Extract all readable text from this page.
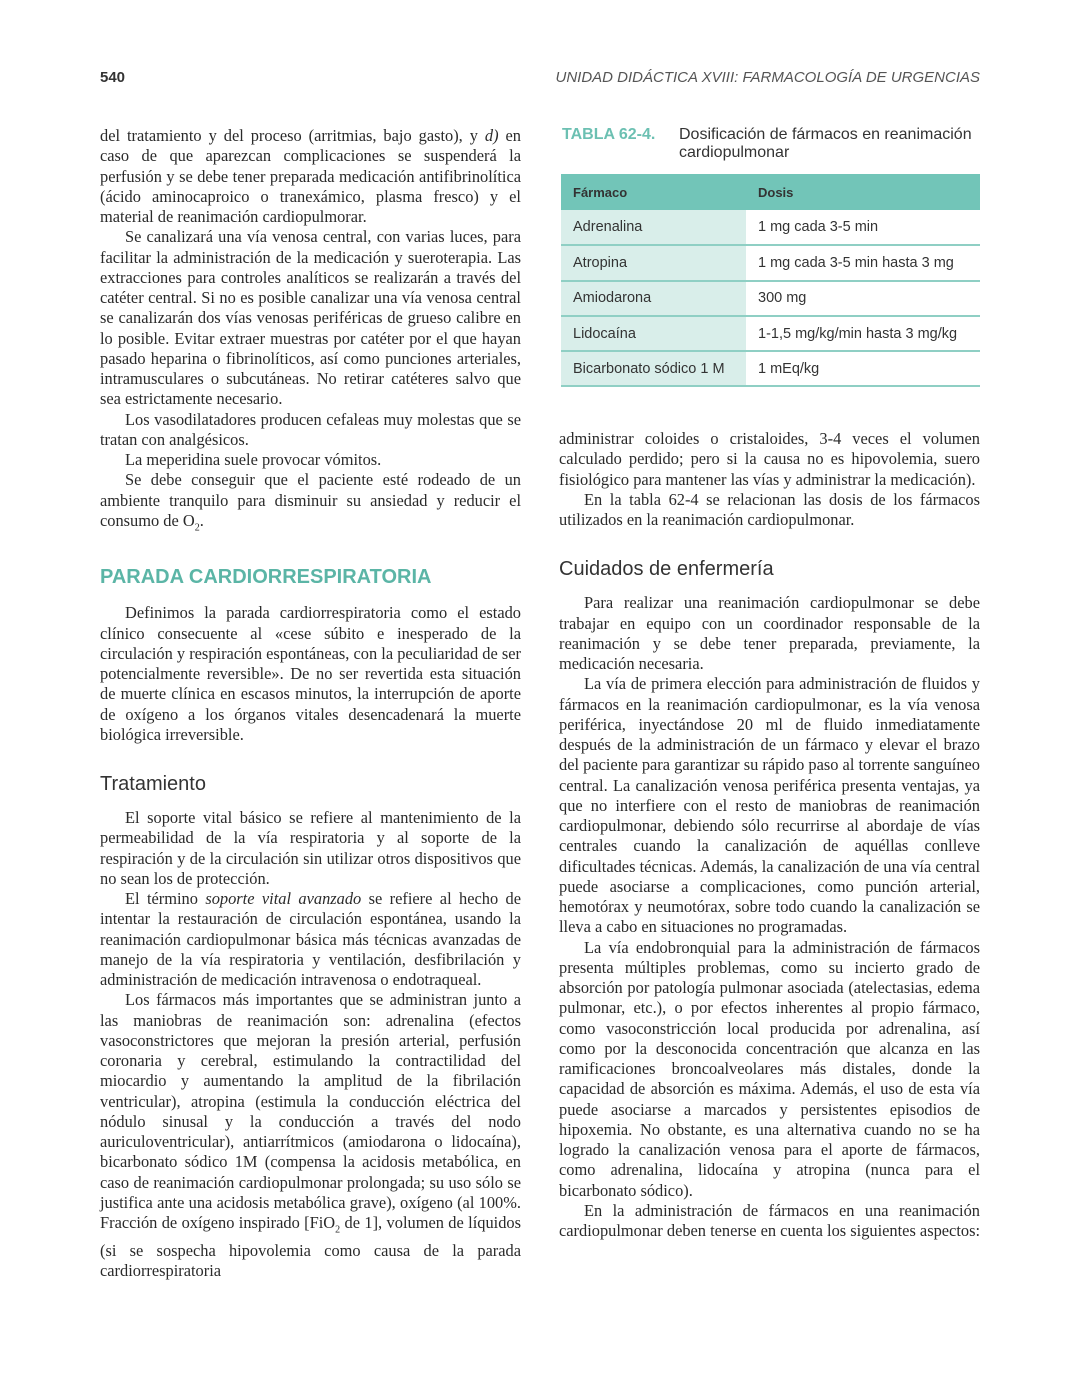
540	UNIDAD DIDÁCTICA XVIII: FARMACOLOGÍA DE URGENCIAS

del tratamiento y del proceso (arritmias, bajo gasto), y d) en caso de que aparezcan complicaciones se suspenderá la perfusión y se debe tener preparada medicación antifibrinolítica (ácido aminocaproico o tranexámico, plasma fresco) y el material de reanimación cardiopulmorar.

Se canalizará una vía venosa central, con varias luces, para facilitar la administración de la medicación y sueroterapia. Las extracciones para controles analíticos se realizarán a través del catéter central. Si no es posible canalizar una vía venosa central se canalizarán dos vías venosas periféricas de grueso calibre en lo posible. Evitar extraer muestras por catéter por el que hayan pasado heparina o fibrinolíticos, así como punciones arteriales, intramusculares o subcutáneas. No retirar catéteres salvo que sea estrictamente necesario.

Los vasodilatadores producen cefaleas muy molestas que se tratan con analgésicos.

La meperidina suele provocar vómitos.

Se debe conseguir que el paciente esté rodeado de un ambiente tranquilo para disminuir su ansiedad y reducir el consumo de $O_2$.

PARADA CARDIORRESPIRATORIA

Definimos la parada cardiorrespiratoria como el estado clínico consecuente al «cese súbito e inesperado de la circulación y respiración espontáneas, con la peculiaridad de ser potencialmente reversible». De no ser revertida esta situación de muerte clínica en escasos minutos, la interrupción de aporte de oxígeno a los órganos vitales desencadenará la muerte biológica irreversible.

Tratamiento

El soporte vital básico se refiere al mantenimiento de la permeabilidad de la vía respiratoria y al soporte de la respiración y de la circulación sin utilizar otros dispositivos que no sean los de protección.

El término soporte vital avanzado se refiere al hecho de intentar la restauración de circulación espontánea, usando la reanimación cardiopulmonar básica más técnicas avanzadas de manejo de la vía respiratoria y ventilación, desfibrilación y administración de medicación intravenosa o endotraqueal.

Los fármacos más importantes que se administran junto a las maniobras de reanimación son: adrenalina (efectos vasoconstrictores que mejoran la presión arterial, perfusión coronaria y cerebral, estimulando la contractilidad del miocardio y aumentando la amplitud de la fibrilación ventricular), atropina (estimula la conducción eléctrica del nódulo sinusal y la conducción a través del nodo auriculoventricular), antiarrítmicos (amiodarona o lidocaína), bicarbonato sódico 1M (compensa la acidosis metabólica, en caso de reanimación cardiopulmonar prolongada; su uso sólo se justifica ante una acidosis metabólica grave), oxígeno (al 100%. Fracción de oxígeno inspirado [FiO$_2$ de 1], volumen de líquidos (si se sospecha hipovolemia como causa de la parada cardiorrespiratoria

TABLA 62-4.	Dosificación de fármacos en reanimación cardiopulmonar
Fármaco	Dosis
Adrenalina	1 mg cada 3-5 min
Atropina	1 mg cada 3-5 min hasta 3 mg
Amiodarona	300 mg
Lidocaína	1-1,5 mg/kg/min hasta 3 mg/kg
Bicarbonato sódico 1 M	1 mEq/kg

administrar coloides o cristaloides, 3-4 veces el volumen calculado perdido; pero si la causa no es hipovolemia, suero fisiológico para mantener las vías y administrar la medicación).

En la tabla 62-4 se relacionan las dosis de los fármacos utilizados en la reanimación cardiopulmonar.

Cuidados de enfermería

Para realizar una reanimación cardiopulmonar se debe trabajar en equipo con un coordinador responsable de la reanimación y se debe tener preparada, previamente, la medicación necesaria.

La vía de primera elección para administración de fluidos y fármacos en la reanimación cardiopulmonar, es la vía venosa periférica, inyectándose 20 ml de fluido inmediatamente después de la administración de un fármaco y elevar el brazo del paciente para garantizar su rápido paso al torrente sanguíneo central. La canalización venosa periférica presenta ventajas, ya que no interfiere con el resto de maniobras de reanimación cardiopulmonar, debiendo sólo recurrirse al abordaje de vías centrales cuando la canalización de aquéllas conlleve dificultades técnicas. Además, la canalización de una vía central puede asociarse a complicaciones, como punción arterial, hemotórax y neumotórax, sobre todo cuando la canalización se lleva a cabo en situaciones no programadas.

La vía endobronquial para la administración de fármacos presenta múltiples problemas, como su incierto grado de absorción por patología pulmonar asociada (atelectasias, edema pulmonar, etc.), o por efectos inherentes al propio fármaco, como vasoconstricción local producida por adrenalina, así como por la desconocida concentración que alcanza en las ramificaciones broncoalveolares más distales, donde la capacidad de absorción es máxima. Además, el uso de esta vía puede asociarse a marcados y persistentes episodios de hipoxemia. No obstante, es una alternativa cuando no se ha logrado la canalización venosa para el aporte de fármacos, como adrenalina, lidocaína y atropina (nunca para el bicarbonato sódico).

En la administración de fármacos en una reanimación cardiopulmonar deben tenerse en cuenta los siguientes aspectos:
